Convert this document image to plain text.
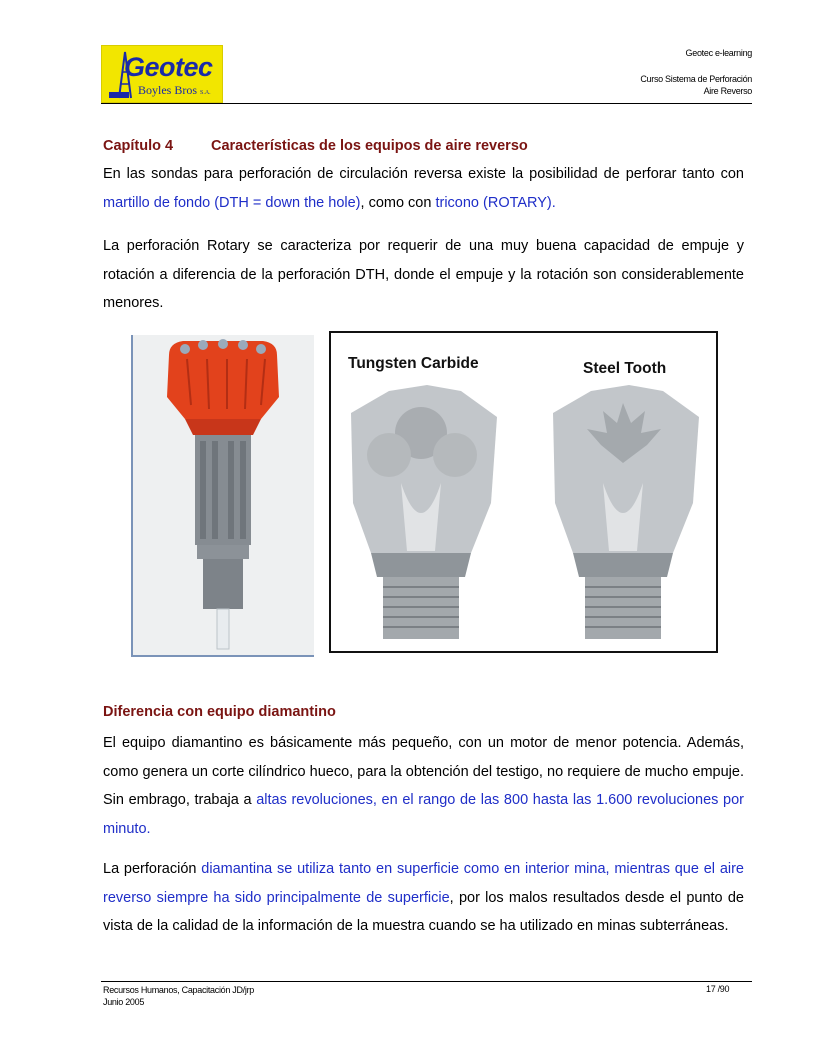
Geotec
Boyles Bros S.A.
Geotec e-learning
Curso Sistema de Perforación
Aire Reverso
Capítulo 4	Características de los equipos de aire reverso
En las sondas para perforación de circulación reversa existe la posibilidad de perforar tanto con martillo de fondo (DTH = down the hole), como con tricono (ROTARY).
La perforación Rotary se caracteriza por requerir de una muy buena capacidad de empuje y rotación a diferencia de la perforación DTH, donde el empuje y la rotación son considerablemente menores.
Tungsten Carbide	Steel Tooth
Diferencia con equipo diamantino
El equipo diamantino es básicamente más pequeño, con un motor de menor potencia. Además, como genera un corte cilíndrico hueco, para la obtención del testigo, no requiere de mucho empuje. Sin embrago, trabaja a altas revoluciones, en el rango de las 800 hasta las 1.600 revoluciones por minuto.
La perforación diamantina se utiliza tanto en superficie como en interior mina, mientras que el aire reverso siempre ha sido principalmente de superficie, por los malos resultados desde el punto de vista de la calidad de la información de la muestra cuando se ha utilizado en minas subterráneas.
Recursos Humanos, Capacitación JD/jrp
Junio 2005
17 /90
